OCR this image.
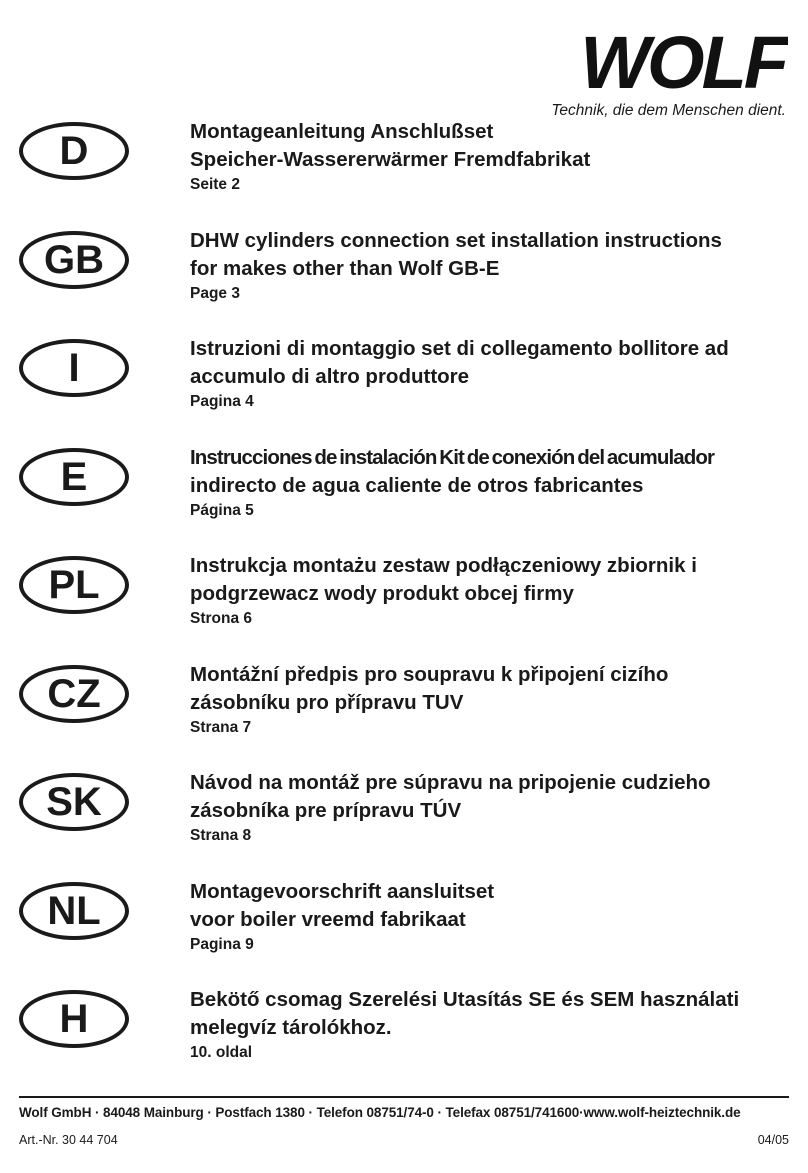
WOLF
Technik, die dem Menschen dient.
D	Montageanleitung Anschlußset
Speicher-Wassererwärmer Fremdfabrikat
Seite 2
GB	DHW cylinders connection set installation instructions
for makes other than Wolf GB-E
Page 3
I	Istruzioni di montaggio set di collegamento bollitore ad
accumulo di altro produttore
Pagina 4
E	Instrucciones de instalación Kit de conexión del acumulador
indirecto de agua caliente de otros fabricantes
Página 5
PL	Instrukcja montażu zestaw podłączeniowy zbiornik i
podgrzewacz wody produkt obcej firmy
Strona 6
CZ	Montážní předpis pro soupravu k připojení cizího
zásobníku pro přípravu TUV
Strana 7
SK	Návod na montáž pre súpravu na pripojenie cudzieho
zásobníka pre prípravu TÚV
Strana 8
NL	Montagevoorschrift aansluitset
voor boiler vreemd fabrikaat
Pagina 9
H	Bekötő csomag Szerelési Utasítás SE és SEM használati
melegvíz tárolókhoz.
10. oldal
Wolf GmbH · 84048 Mainburg · Postfach 1380 · Telefon 08751/74-0 · Telefax 08751/741600·www.wolf-heiztechnik.de
Art.-Nr. 30 44 704	04/05
